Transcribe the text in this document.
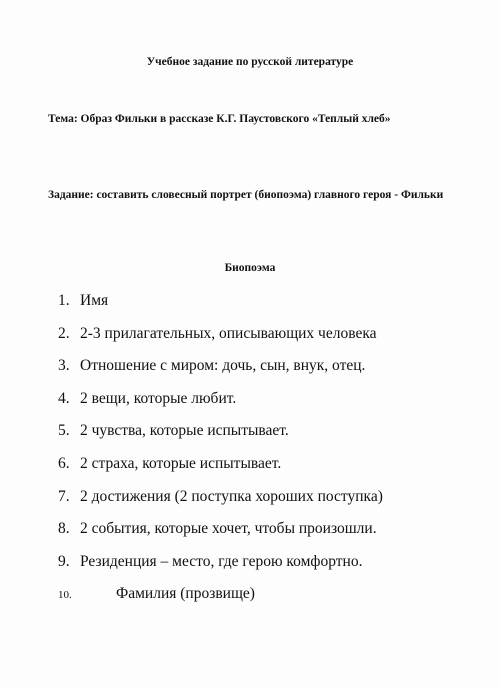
Учебное задание по русской литературе
Тема: Образ Фильки в рассказе К.Г. Паустовского «Теплый хлеб»
Задание: составить словесный портрет (биопоэма) главного героя - Фильки
Биопоэма
1. Имя
2. 2-3 прилагательных, описывающих человека
3. Отношение с миром: дочь, сын, внук, отец.
4. 2 вещи, которые любит.
5. 2 чувства, которые испытывает.
6. 2 страха, которые испытывает.
7. 2 достижения (2 поступка хороших поступка)
8. 2 события, которые хочет, чтобы произошли.
9. Резиденция – место, где герою комфортно.
10.	Фамилия (прозвище)
